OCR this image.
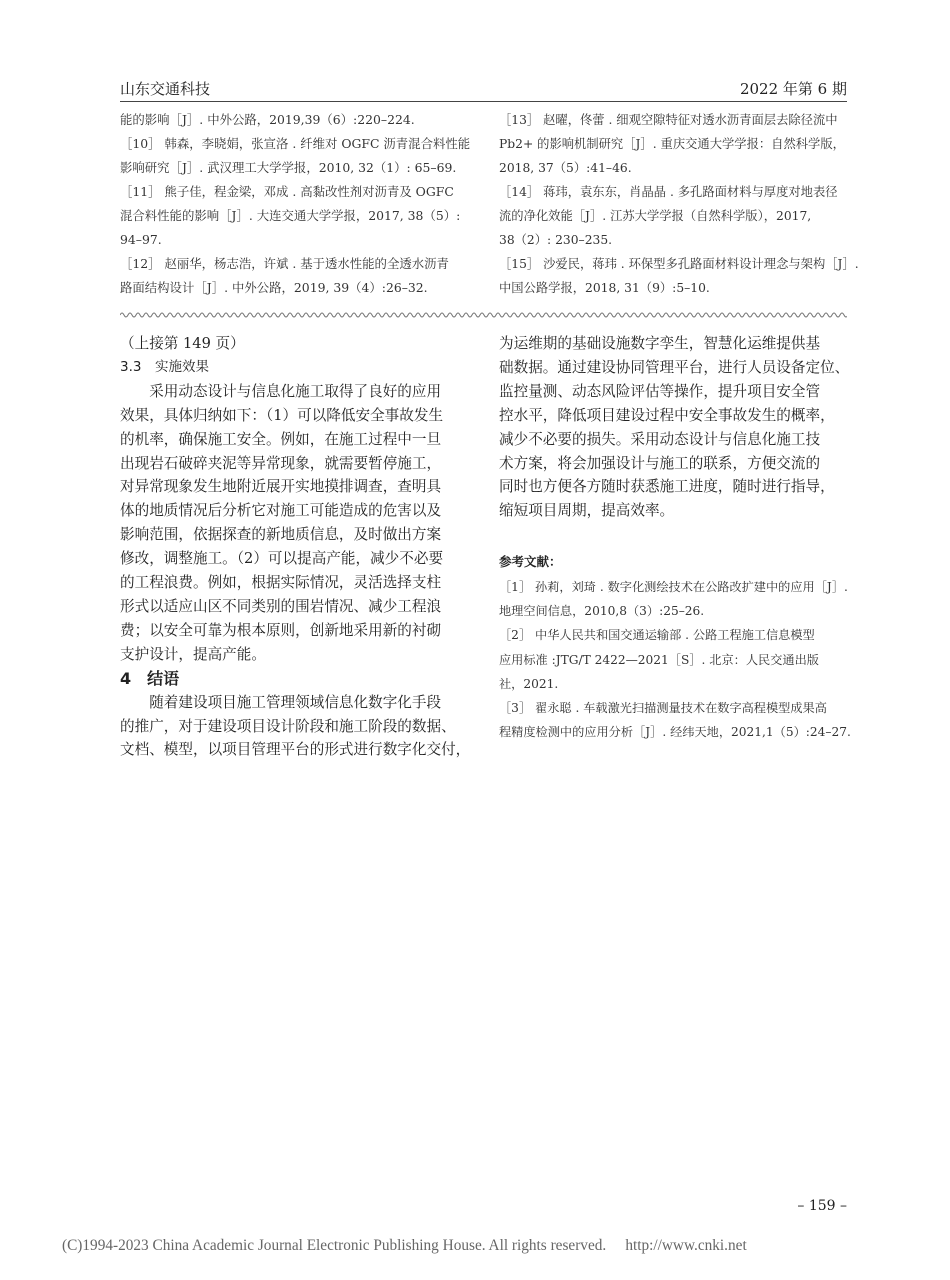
山东交通科技	2022 年第 6 期
能的影响［J］. 中外公路，2019,39（6）:220–224.
［10］ 韩森，李晓娟，张宣洛 . 纤维对 OGFC 沥青混合料性能
影响研究［J］. 武汉理工大学学报，2010, 32（1）: 65–69.
［11］ 熊子佳，程金梁，邓成 . 高黏改性剂对沥青及 OGFC
混合料性能的影响［J］. 大连交通大学学报，2017, 38（5）:
94–97.
［12］ 赵丽华，杨志浩，许斌 . 基于透水性能的全透水沥青
路面结构设计［J］. 中外公路，2019, 39（4）:26–32.
［13］ 赵曜，佟蕾 . 细观空隙特征对透水沥青面层去除径流中
Pb2+ 的影响机制研究［J］. 重庆交通大学学报：自然科学版，
2018, 37（5）:41–46.
［14］ 蒋玮，袁东东，肖晶晶 . 多孔路面材料与厚度对地表径
流的净化效能［J］. 江苏大学学报（自然科学版），2017,
38（2）: 230–235.
［15］ 沙爱民，蒋玮 . 环保型多孔路面材料设计理念与架构［J］.
中国公路学报，2018, 31（9）:5–10.
（上接第 149 页）
3.3　实施效果
　　采用动态设计与信息化施工取得了良好的应用
效果，具体归纳如下：（1）可以降低安全事故发生
的机率，确保施工安全。例如，在施工过程中一旦
出现岩石破碎夹泥等异常现象，就需要暂停施工，
对异常现象发生地附近展开实地摸排调查，查明具
体的地质情况后分析它对施工可能造成的危害以及
影响范围，依据探查的新地质信息，及时做出方案
修改，调整施工。（2）可以提高产能，减少不必要
的工程浪费。例如，根据实际情况，灵活选择支柱
形式以适应山区不同类别的围岩情况、减少工程浪
费；以安全可靠为根本原则，创新地采用新的衬砌
支护设计，提高产能。
4　结语
　　随着建设项目施工管理领域信息化数字化手段
的推广，对于建设项目设计阶段和施工阶段的数据、
文档、模型，以项目管理平台的形式进行数字化交付，
为运维期的基础设施数字孪生，智慧化运维提供基
础数据。通过建设协同管理平台，进行人员设备定位、
监控量测、动态风险评估等操作，提升项目安全管
控水平，降低项目建设过程中安全事故发生的概率，
减少不必要的损失。采用动态设计与信息化施工技
术方案，将会加强设计与施工的联系，方便交流的
同时也方便各方随时获悉施工进度，随时进行指导，
缩短项目周期，提高效率。
参考文献：
［1］ 孙莉，刘琦 . 数字化测绘技术在公路改扩建中的应用［J］.
地理空间信息，2010,8（3）:25–26.
［2］ 中华人民共和国交通运输部 . 公路工程施工信息模型
应用标准 :JTG/T 2422—2021［S］. 北京：人民交通出版
社，2021.
［3］ 翟永聪 . 车载激光扫描测量技术在数字高程模型成果高
程精度检测中的应用分析［J］. 经纬天地，2021,1（5）:24–27.
– 159 –
(C)1994-2023 China Academic Journal Electronic Publishing House. All rights reserved.　 http://www.cnki.net
